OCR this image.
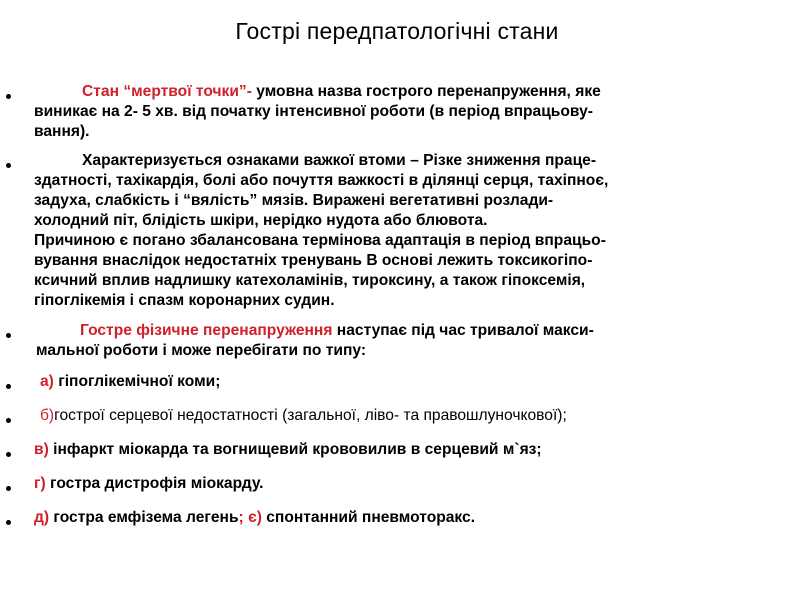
Гострі передпатологічні стани
Стан “мертвої точки”- умовна назва гострого перенапруження, яке
виникає на 2- 5 хв. від початку інтенсивної роботи (в період впрацьову-
вання).
Характеризується ознаками важкої втоми – Різке зниження праце-
здатності, тахікардія, болі або почуття важкості в ділянці серця, тахіпноє,
задуха, слабкість і “вялість” мязів. Виражені вегетативні розлади-
холодний піт, блідість шкіри, нерідко нудота або блювота.
Причиною є погано збалансована термінова адаптація в період впрацьо-
вування внаслідок недостатніх тренувань В основі лежить токсикогіпо-
ксичний вплив надлишку катехоламінів, тироксину, а також гіпоксемія,
гіпоглікемія і спазм коронарних судин.
Гостре фізичне перенапруження наступає під час тривалої макси-
мальної роботи і може перебігати по типу:
а) гіпоглікемічної коми;
б)гострої серцевої недостатності (загальної, ліво- та правошлуночкової);
в) інфаркт міокарда та вогнищевий крововилив в серцевий м`яз;
г) гостра дистрофія міокарду.
д) гостра емфізема легень; є) спонтанний пневмоторакс.
